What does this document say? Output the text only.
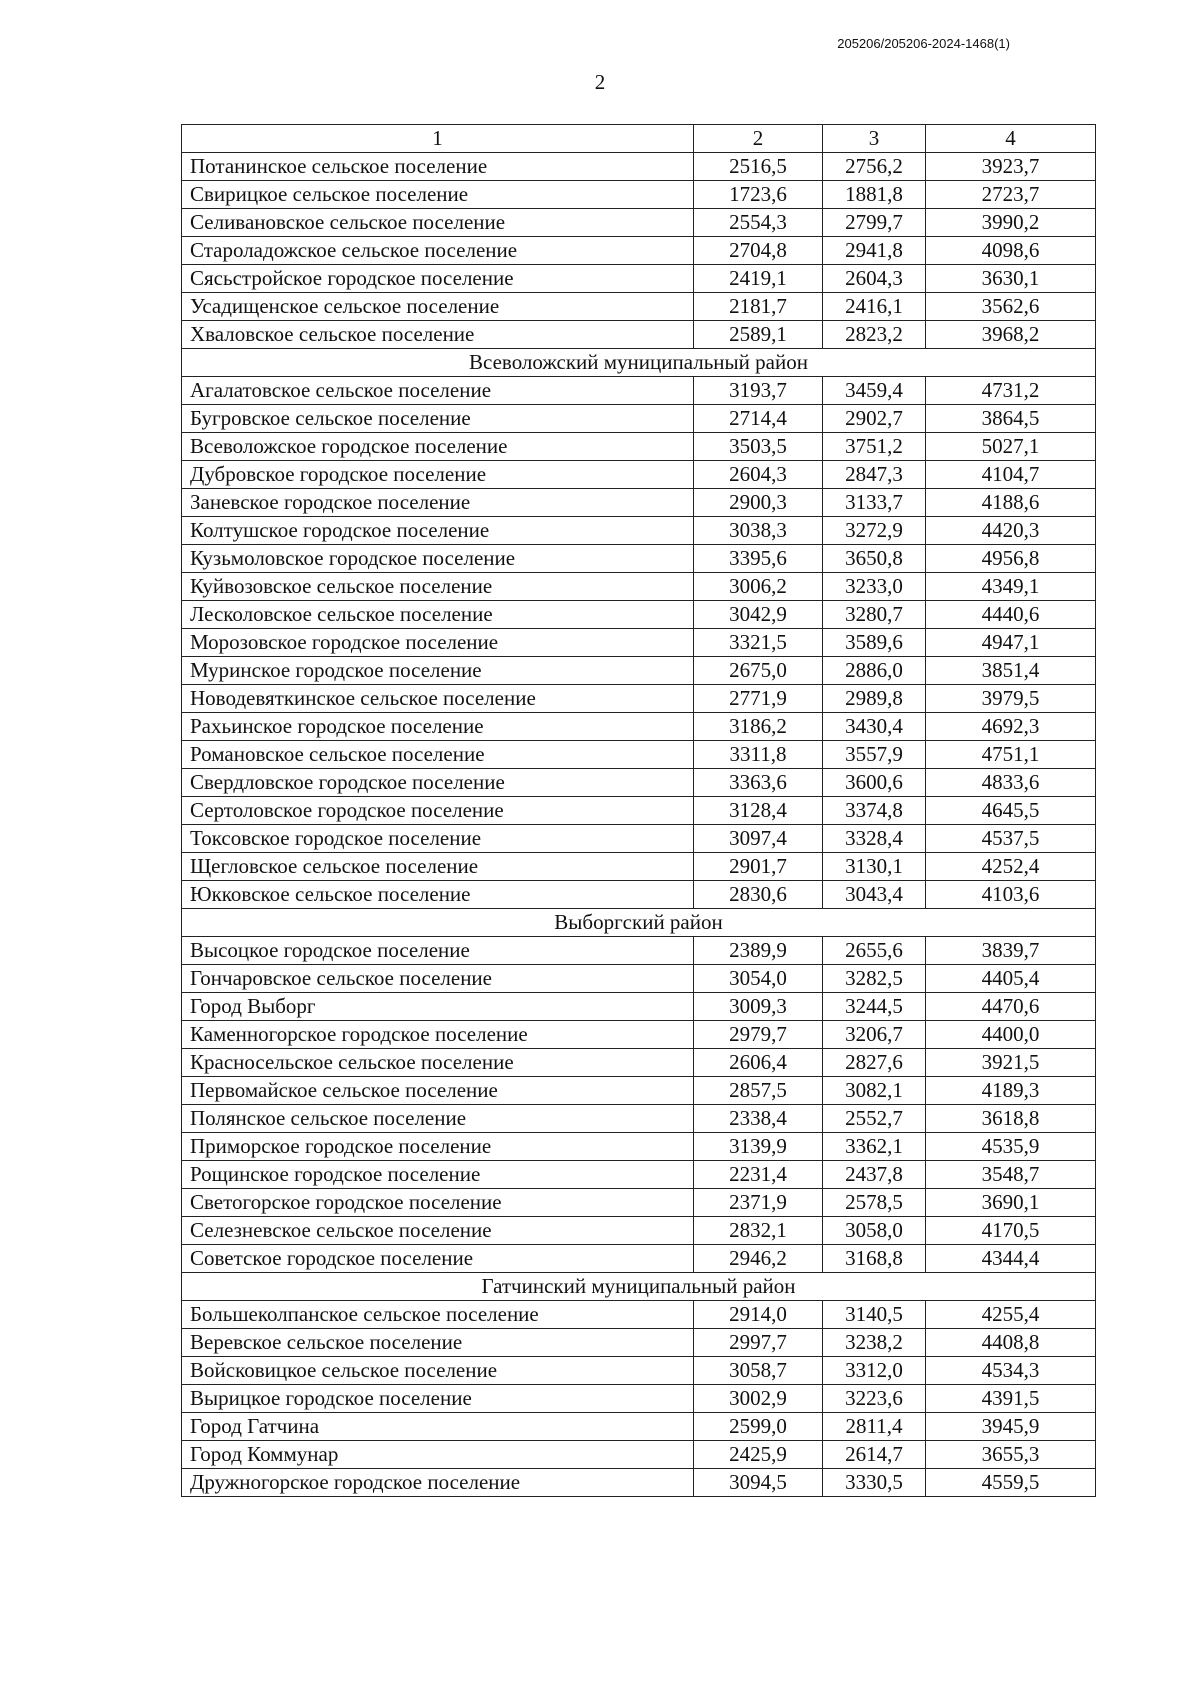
205206/205206-2024-1468(1)
2
1	2	3	4
Потанинское сельское поселение	2516,5	2756,2	3923,7
Свирицкое сельское поселение	1723,6	1881,8	2723,7
Селивановское сельское поселение	2554,3	2799,7	3990,2
Староладожское сельское поселение	2704,8	2941,8	4098,6
Сясьстройское городское поселение	2419,1	2604,3	3630,1
Усадищенское сельское поселение	2181,7	2416,1	3562,6
Хваловское сельское поселение	2589,1	2823,2	3968,2
Всеволожский муниципальный район			
Агалатовское сельское поселение	3193,7	3459,4	4731,2
Бугровское сельское поселение	2714,4	2902,7	3864,5
Всеволожское городское поселение	3503,5	3751,2	5027,1
Дубровское городское поселение	2604,3	2847,3	4104,7
Заневское городское поселение	2900,3	3133,7	4188,6
Колтушское городское поселение	3038,3	3272,9	4420,3
Кузьмоловское городское поселение	3395,6	3650,8	4956,8
Куйвозовское сельское поселение	3006,2	3233,0	4349,1
Лесколовское сельское поселение	3042,9	3280,7	4440,6
Морозовское городское поселение	3321,5	3589,6	4947,1
Муринское городское поселение	2675,0	2886,0	3851,4
Новодевяткинское сельское поселение	2771,9	2989,8	3979,5
Рахьинское городское поселение	3186,2	3430,4	4692,3
Романовское сельское поселение	3311,8	3557,9	4751,1
Свердловское городское поселение	3363,6	3600,6	4833,6
Сертоловское городское поселение	3128,4	3374,8	4645,5
Токсовское городское поселение	3097,4	3328,4	4537,5
Щегловское сельское поселение	2901,7	3130,1	4252,4
Юкковское сельское поселение	2830,6	3043,4	4103,6
Выборгский район			
Высоцкое городское поселение	2389,9	2655,6	3839,7
Гончаровское сельское поселение	3054,0	3282,5	4405,4
Город Выборг	3009,3	3244,5	4470,6
Каменногорское городское поселение	2979,7	3206,7	4400,0
Красносельское сельское поселение	2606,4	2827,6	3921,5
Первомайское сельское поселение	2857,5	3082,1	4189,3
Полянское сельское поселение	2338,4	2552,7	3618,8
Приморское городское поселение	3139,9	3362,1	4535,9
Рощинское городское поселение	2231,4	2437,8	3548,7
Светогорское городское поселение	2371,9	2578,5	3690,1
Селезневское сельское поселение	2832,1	3058,0	4170,5
Советское городское поселение	2946,2	3168,8	4344,4
Гатчинский муниципальный район			
Большеколпанское сельское поселение	2914,0	3140,5	4255,4
Веревское сельское поселение	2997,7	3238,2	4408,8
Войсковицкое сельское поселение	3058,7	3312,0	4534,3
Вырицкое городское поселение	3002,9	3223,6	4391,5
Город Гатчина	2599,0	2811,4	3945,9
Город Коммунар	2425,9	2614,7	3655,3
Дружногорское городское поселение	3094,5	3330,5	4559,5
